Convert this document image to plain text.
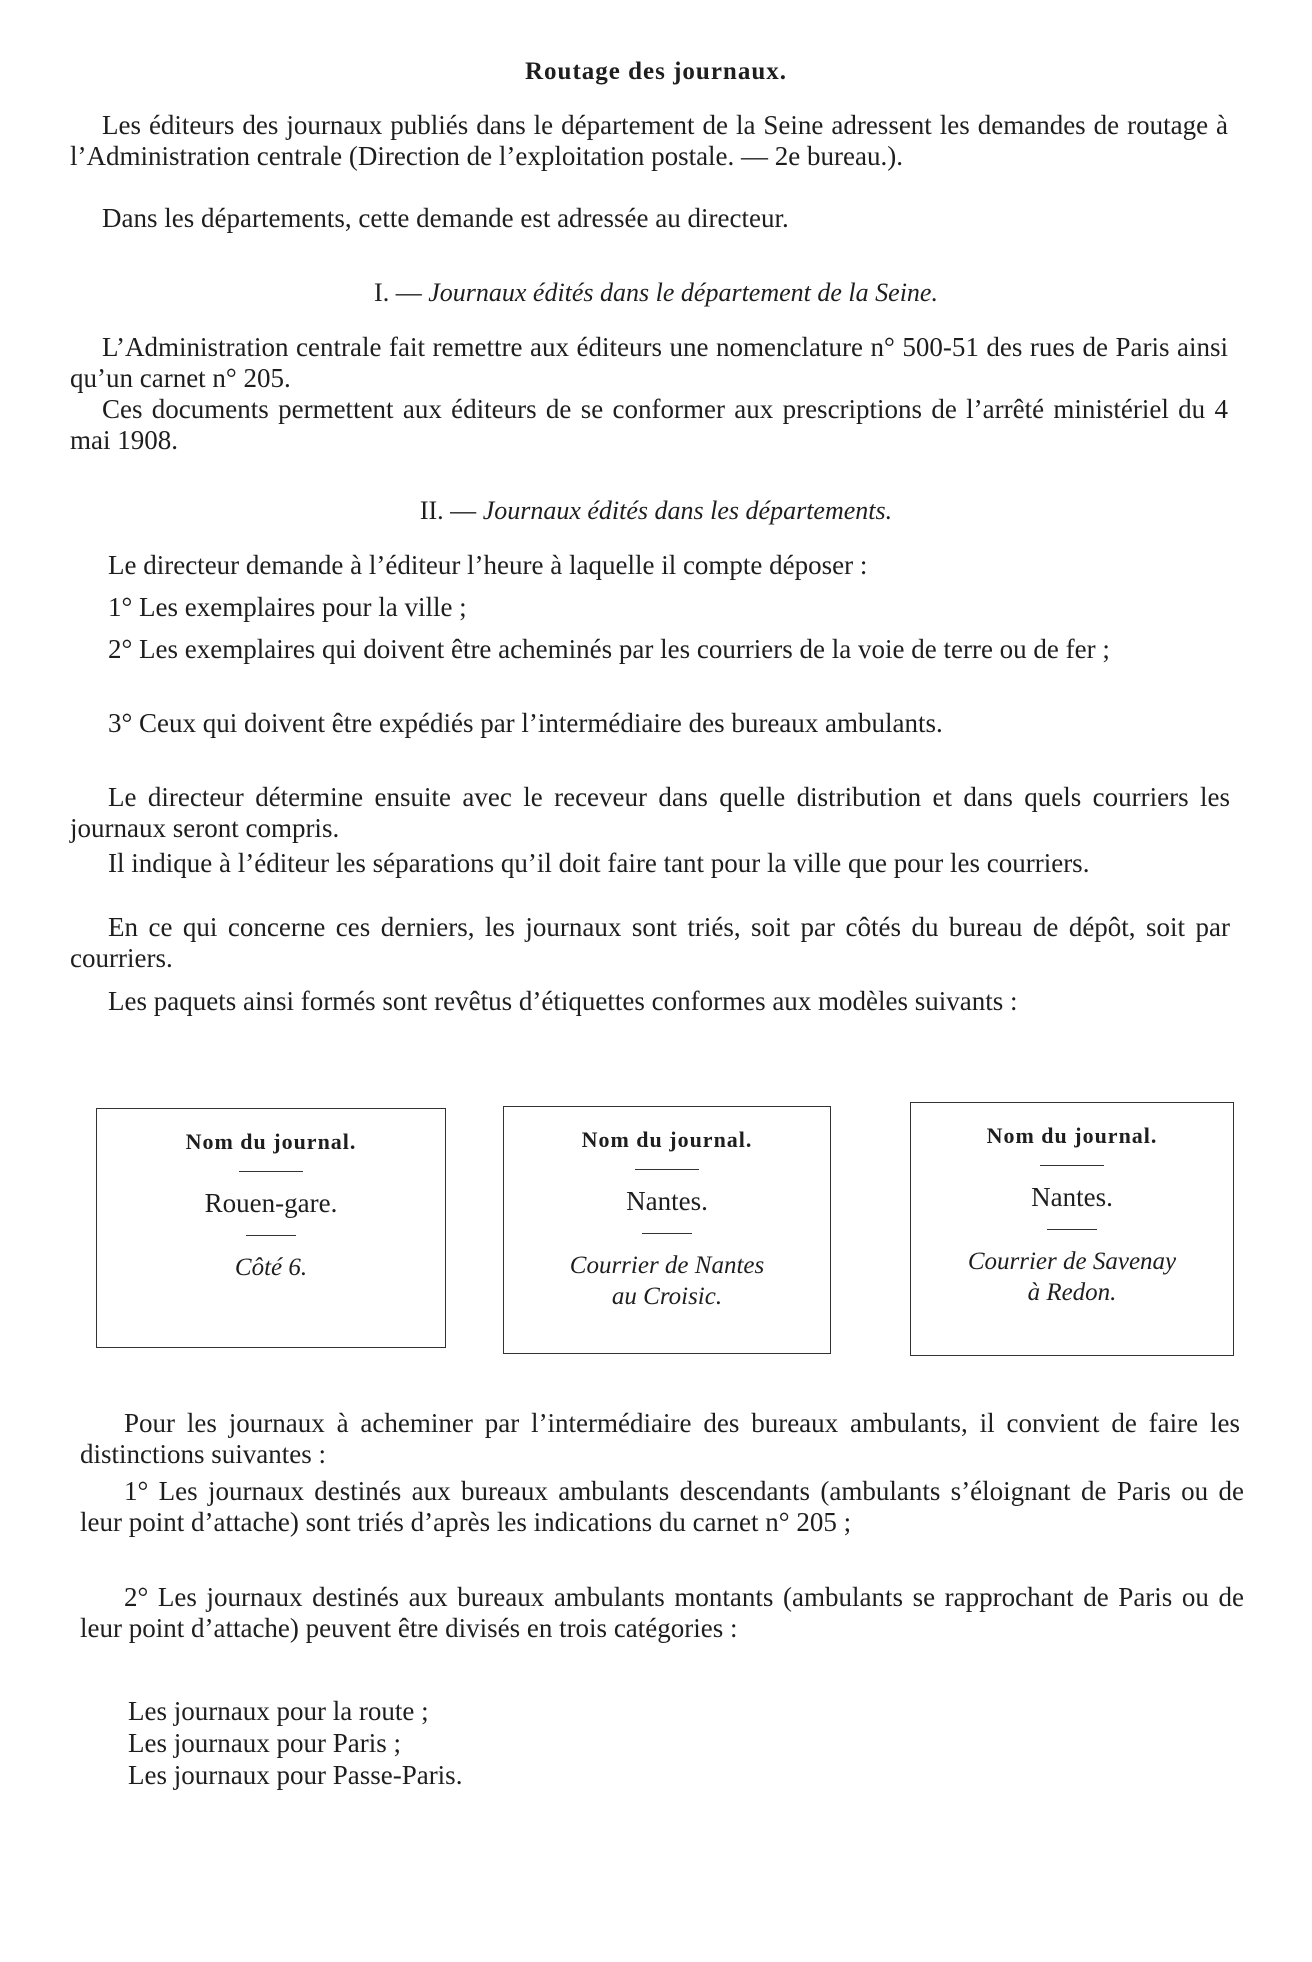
Routage des journaux.

Les éditeurs des journaux publiés dans le département de la Seine adressent les demandes de routage à l’Administration centrale (Direction de l’exploitation postale. — 2e bureau.).

Dans les départements, cette demande est adressée au directeur.

I. — Journaux édités dans le département de la Seine.

L’Administration centrale fait remettre aux éditeurs une nomenclature n° 500-51 des rues de Paris ainsi qu’un carnet n° 205.

Ces documents permettent aux éditeurs de se conformer aux prescriptions de l’arrêté ministériel du 4 mai 1908.

II. — Journaux édités dans les départements.

Le directeur demande à l’éditeur l’heure à laquelle il compte déposer :

1° Les exemplaires pour la ville ;

2° Les exemplaires qui doivent être acheminés par les courriers de la voie de terre ou de fer ;

3° Ceux qui doivent être expédiés par l’intermédiaire des bureaux ambulants.

Le directeur détermine ensuite avec le receveur dans quelle distribution et dans quels courriers les journaux seront compris.

Il indique à l’éditeur les séparations qu’il doit faire tant pour la ville que pour les courriers.

En ce qui concerne ces derniers, les journaux sont triés, soit par côtés du bureau de dépôt, soit par courriers.

Les paquets ainsi formés sont revêtus d’étiquettes conformes aux modèles suivants :

Nom du journal.
Rouen-gare.
Côté 6.
Nom du journal.
Nantes.
Courrier de Nantes
au Croisic.
Nom du journal.
Nantes.
Courrier de Savenay
à Redon.

Pour les journaux à acheminer par l’intermédiaire des bureaux ambulants, il convient de faire les distinctions suivantes :

1° Les journaux destinés aux bureaux ambulants descendants (ambulants s’éloignant de Paris ou de leur point d’attache) sont triés d’après les indications du carnet n° 205 ;

2° Les journaux destinés aux bureaux ambulants montants (ambulants se rapprochant de Paris ou de leur point d’attache) peuvent être divisés en trois catégories :

Les journaux pour la route ;

Les journaux pour Paris ;

Les journaux pour Passe-Paris.
